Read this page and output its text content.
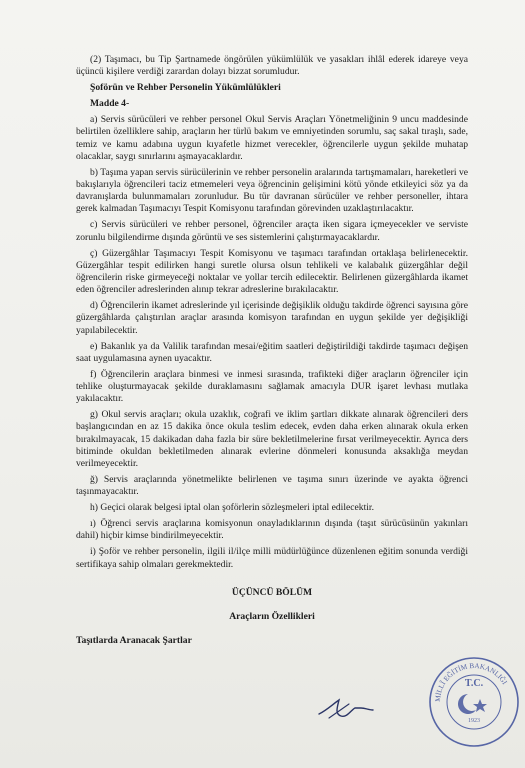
(2) Taşımacı, bu Tip Şartnamede öngörülen yükümlülük ve yasakları ihlâl ederek idareye veya üçüncü kişilere verdiği zarardan dolayı bizzat sorumludur.

Şoförün ve Rehber Personelin Yükümlülükleri

Madde 4-

a) Servis sürücüleri ve rehber personel Okul Servis Araçları Yönetmeliğinin 9 uncu maddesinde belirtilen özelliklere sahip, araçların her türlü bakım ve emniyetinden sorumlu, saç sakal tıraşlı, sade, temiz ve kamu adabına uygun kıyafetle hizmet verecekler, öğrencilerle uygun şekilde muhatap olacaklar, saygı sınırlarını aşmayacaklardır.

b) Taşıma yapan servis sürücülerinin ve rehber personelin aralarında tartışmamaları, hareketleri ve bakışlarıyla öğrencileri taciz etmemeleri veya öğrencinin gelişimini kötü yönde etkileyici söz ya da davranışlarda bulunmamaları zorunludur. Bu tür davranan sürücüler ve rehber personeller, ihtara gerek kalmadan Taşımacıyı Tespit Komisyonu tarafından görevinden uzaklaştırılacaktır.

c) Servis sürücüleri ve rehber personel, öğrenciler araçta iken sigara içmeyecekler ve serviste zorunlu bilgilendirme dışında görüntü ve ses sistemlerini çalıştırmayacaklardır.

ç) Güzergâhlar Taşımacıyı Tespit Komisyonu ve taşımacı tarafından ortaklaşa belirlenecektir. Güzergâhlar tespit edilirken hangi suretle olursa olsun tehlikeli ve kalabalık güzergâhlar değil öğrencilerin riske girmeyeceği noktalar ve yollar tercih edilecektir. Belirlenen güzergâhlarda ikamet eden öğrenciler adreslerinden alınıp tekrar adreslerine bırakılacaktır.

d) Öğrencilerin ikamet adreslerinde yıl içerisinde değişiklik olduğu takdirde öğrenci sayısına göre güzergâhlarda çalıştırılan araçlar arasında komisyon tarafından en uygun şekilde yer değişikliği yapılabilecektir.

e) Bakanlık ya da Valilik tarafından mesai/eğitim saatleri değiştirildiği takdirde taşımacı değişen saat uygulamasına aynen uyacaktır.

f) Öğrencilerin araçlara binmesi ve inmesi sırasında, trafikteki diğer araçların öğrenciler için tehlike oluşturmayacak şekilde duraklamasını sağlamak amacıyla DUR işaret levhası mutlaka yakılacaktır.

g) Okul servis araçları; okula uzaklık, coğrafi ve iklim şartları dikkate alınarak öğrencileri ders başlangıcından en az 15 dakika önce okula teslim edecek, evden daha erken alınarak okula erken bırakılmayacak, 15 dakikadan daha fazla bir süre bekletilmelerine fırsat verilmeyecektir. Ayrıca ders bitiminde okuldan bekletilmeden alınarak evlerine dönmeleri konusunda aksaklığa meydan verilmeyecektir.

ğ) Servis araçlarında yönetmelikte belirlenen ve taşıma sınırı üzerinde ve ayakta öğrenci taşınmayacaktır.

h) Geçici olarak belgesi iptal olan şoförlerin sözleşmeleri iptal edilecektir.

ı) Öğrenci servis araçlarına komisyonun onayladıklarının dışında (taşıt sürücüsünün yakınları dahil) hiçbir kimse bindirilmeyecektir.

i) Şoför ve rehber personelin, ilgili il/ilçe milli müdürlüğünce düzenlenen eğitim sonunda verdiği sertifikaya sahip olmaları gerekmektedir.

ÜÇÜNCÜ BÖLÜM

Araçların Özellikleri

Taşıtlarda Aranacak Şartlar

MİLLÎ EĞİTİM BAKANLIĞI
T.C.
1923
